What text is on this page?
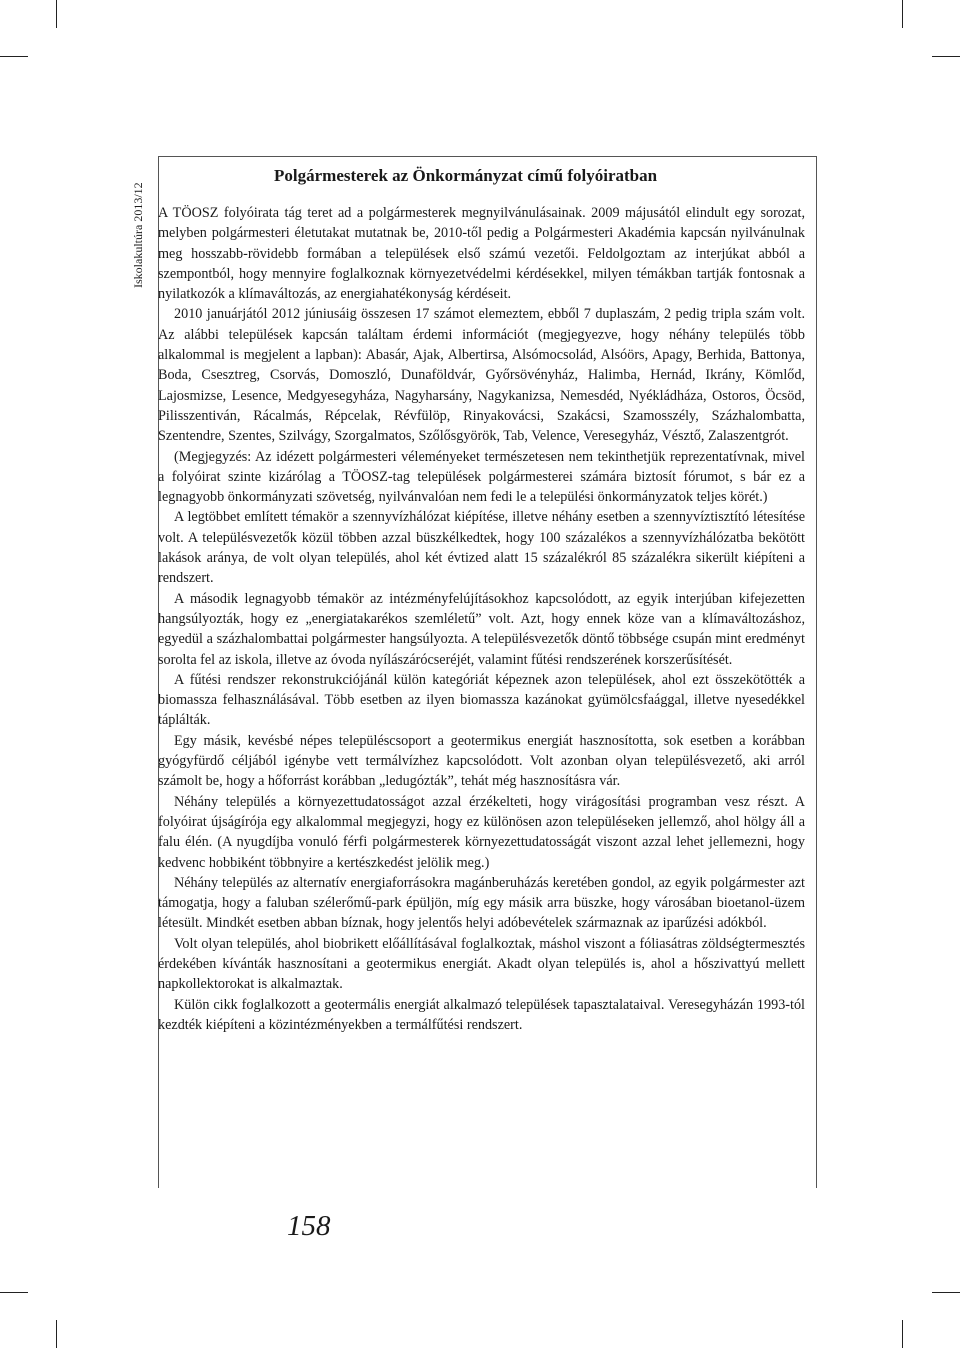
Iskolakultúra 2013/12
Polgármesterek az Önkormányzat című folyóiratban

A TÖOSZ folyóirata tág teret ad a polgármesterek megnyilvánulásainak. 2009 májusától elindult egy sorozat, melyben polgármesteri életutakat mutatnak be, 2010-től pedig a Polgármesteri Akadémia kapcsán nyilvánulnak meg hosszabb-rövidebb formában a települések első számú vezetői. Feldolgoztam az interjúkat abból a szempontból, hogy mennyire foglalkoznak környezetvédelmi kérdésekkel, milyen témákban tartják fontosnak a nyilatkozók a klímaváltozás, az energiahatékonyság kérdéseit.

2010 januárjától 2012 júniusáig összesen 17 számot elemeztem, ebből 7 duplaszám, 2 pedig tripla szám volt. Az alábbi települések kapcsán találtam érdemi információt (megjegyezve, hogy néhány település több alkalommal is megjelent a lapban): Abasár, Ajak, Albertirsa, Alsómocsolád, Alsóörs, Apagy, Berhida, Battonya, Boda, Csesztreg, Csorvás, Domoszló, Dunaföldvár, Győrsövényház, Halimba, Hernád, Ikrány, Kömlőd, Lajosmizse, Lesence, Medgyesegyháza, Nagyharsány, Nagykanizsa, Nemesdéd, Nyékládháza, Ostoros, Öcsöd, Pilisszentiván, Rácalmás, Répcelak, Révfülöp, Rinyakovácsi, Szakácsi, Szamosszély, Százhalombatta, Szentendre, Szentes, Szilvágy, Szorgalmatos, Szőlősgyörök, Tab, Velence, Veresegyház, Vésztő, Zalaszentgrót.

(Megjegyzés: Az idézett polgármesteri véleményeket természetesen nem tekinthetjük reprezentatívnak, mivel a folyóirat szinte kizárólag a TÖOSZ-tag települések polgármesterei számára biztosít fórumot, s bár ez a legnagyobb önkormányzati szövetség, nyilvánvalóan nem fedi le a települési önkormányzatok teljes körét.)

A legtöbbet említett témakör a szennyvízhálózat kiépítése, illetve néhány esetben a szennyvíztisztító létesítése volt. A településvezetők közül többen azzal büszkélkedtek, hogy 100 százalékos a szennyvízhálózatba bekötött lakások aránya, de volt olyan település, ahol két évtized alatt 15 százalékról 85 százalékra sikerült kiépíteni a rendszert.

A második legnagyobb témakör az intézményfelújításokhoz kapcsolódott, az egyik interjúban kifejezetten hangsúlyozták, hogy ez „energiatakarékos szemléletű” volt. Azt, hogy ennek köze van a klímaváltozáshoz, egyedül a százhalombattai polgármester hangsúlyozta. A településvezetők döntő többsége csupán mint eredményt sorolta fel az iskola, illetve az óvoda nyílászárócseréjét, valamint fűtési rendszerének korszerűsítését.

A fűtési rendszer rekonstrukciójánál külön kategóriát képeznek azon települések, ahol ezt összekötötték a biomassza felhasználásával. Több esetben az ilyen biomassza kazánokat gyümölcsfaággal, illetve nyesedékkel táplálták.

Egy másik, kevésbé népes településcsoport a geotermikus energiát hasznosította, sok esetben a korábban gyógyfürdő céljából igénybe vett termálvízhez kapcsolódott. Volt azonban olyan településvezető, aki arról számolt be, hogy a hőforrást korábban „ledugózták”, tehát még hasznosításra vár.

Néhány település a környezettudatosságot azzal érzékelteti, hogy virágosítási programban vesz részt. A folyóirat újságírója egy alkalommal megjegyzi, hogy ez különösen azon településeken jellemző, ahol hölgy áll a falu élén. (A nyugdíjba vonuló férfi polgármesterek környezettudatosságát viszont azzal lehet jellemezni, hogy kedvenc hobbiként többnyire a kertészkedést jelölik meg.)

Néhány település az alternatív energiaforrásokra magánberuházás keretében gondol, az egyik polgármester azt támogatja, hogy a faluban szélerőmű-park épüljön, míg egy másik arra büszke, hogy városában bioetanol-üzem létesült. Mindkét esetben abban bíznak, hogy jelentős helyi adóbevételek származnak az iparűzési adókból.

Volt olyan település, ahol biobrikett előállításával foglalkoztak, máshol viszont a fóliasátras zöldségtermesztés érdekében kívánták hasznosítani a geotermikus energiát. Akadt olyan település is, ahol a hőszivattyú mellett napkollektorokat is alkalmaztak.

Külön cikk foglalkozott a geotermális energiát alkalmazó települések tapasztalataival. Veresegyházán 1993-tól kezdték kiépíteni a közintézményekben a termálfűtési rendszert.

158
